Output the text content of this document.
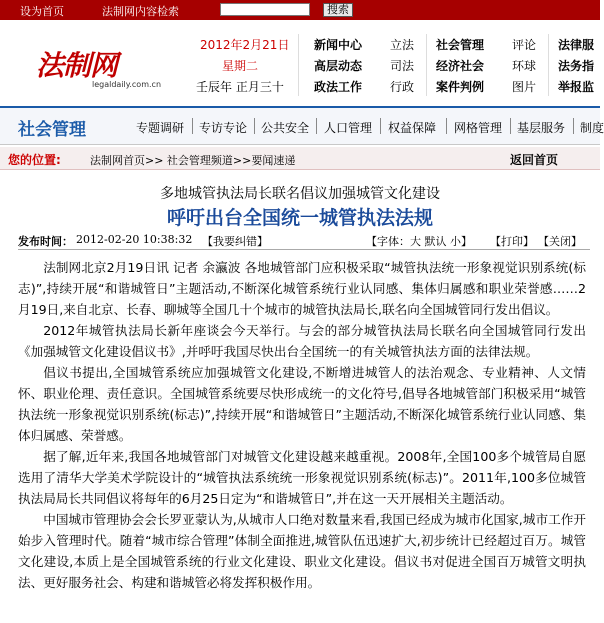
设为首页	法制网内容检索	搜索
法制网
legaldaily.com.cn
2012年2月21日
星期二
壬辰年 正月三十
新闻中心
高层动态
政法工作
立法
司法
行政
社会管理
经济社会
案件判例
评论
环球
图片
法律服
法务指
举报监
社会管理	专题调研 专访专论 公共安全 人口管理 权益保障 网格管理 基层服务 制度
您的位置:	法制网首页>> 社会管理频道>>要闻速递	返回首页
多地城管执法局长联名倡议加强城管文化建设
呼吁出台全国统一城管执法法规
发布时间： 2012-02-20 10:38:32 【我要纠错】	【字体：大 默认 小】 【打印】 【关闭】

法制网北京2月19日讯 记者 余瀛波 各地城管部门应积极采取“城管执法统一形象视觉识别系统(标志)”,持续开展“和谐城管日”主题活动,不断深化城管系统行业认同感、集体归属感和职业荣誉感……2月19日,来自北京、长春、聊城等全国几十个城市的城管执法局长,联名向全国城管同行发出倡议。

2012年城管执法局长新年座谈会今天举行。与会的部分城管执法局长联名向全国城管同行发出《加强城管文化建设倡议书》,并呼吁我国尽快出台全国统一的有关城管执法方面的法律法规。

倡议书提出,全国城管系统应加强城管文化建设,不断增进城管人的法治观念、专业精神、人文情怀、职业伦理、责任意识。全国城管系统要尽快形成统一的文化符号,倡导各地城管部门积极采用“城管执法统一形象视觉识别系统(标志)”,持续开展“和谐城管日”主题活动,不断深化城管系统行业认同感、集体归属感、荣誉感。

据了解,近年来,我国各地城管部门对城管文化建设越来越重视。2008年,全国100多个城管局自愿选用了清华大学美术学院设计的“城管执法系统统一形象视觉识别系统(标志)”。2011年,100多位城管执法局局长共同倡议将每年的6月25日定为“和谐城管日”,并在这一天开展相关主题活动。

中国城市管理协会会长罗亚蒙认为,从城市人口绝对数量来看,我国已经成为城市化国家,城市工作开始步入管理时代。随着“城市综合管理”体制全面推进,城管队伍迅速扩大,初步统计已经超过百万。城管文化建设,本质上是全国城管系统的行业文化建设、职业文化建设。倡议书对促进全国百万城管文明执法、更好服务社会、构建和谐城管必将发挥积极作用。
